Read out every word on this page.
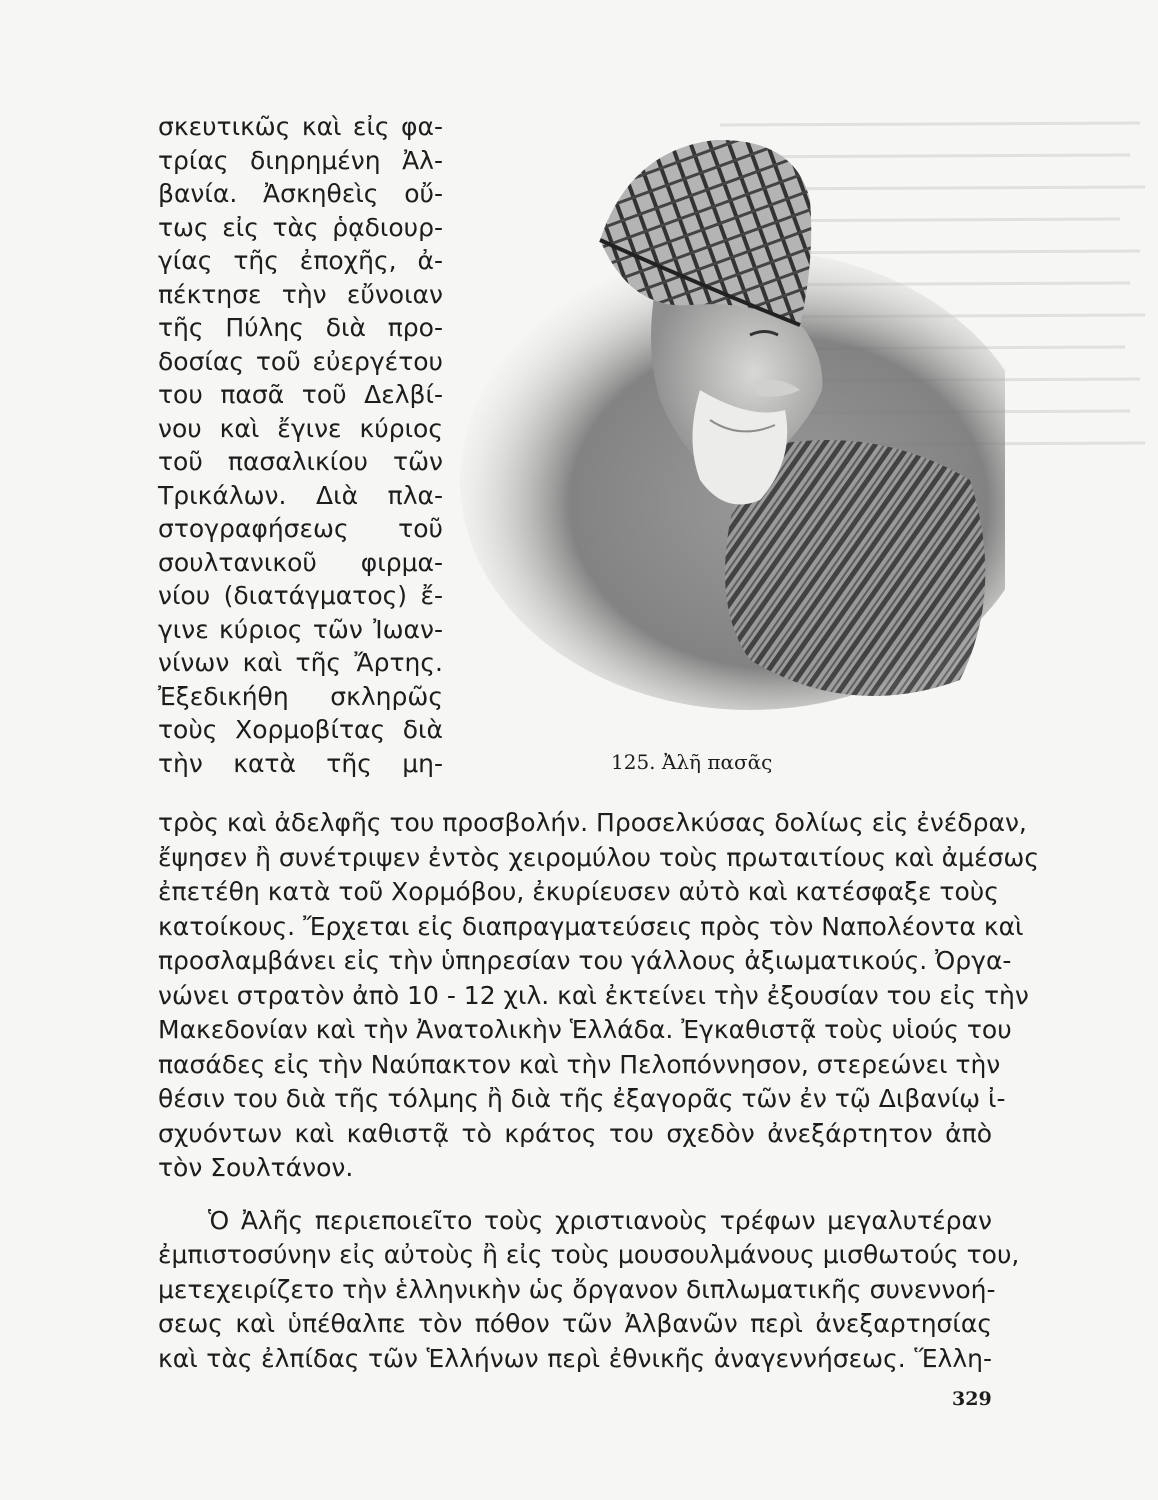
σκευτικῶς καὶ εἰς φα-
τρίας διηρημένη Ἀλ-
βανία. Ἀσκηθεὶς οὔ-
τως εἰς τὰς ῥᾳδιουρ-
γίας τῆς ἐποχῆς, ἀ-
πέκτησε τὴν εὔνοιαν
τῆς Πύλης διὰ προ-
δοσίας τοῦ εὐεργέτου
του πασᾶ τοῦ Δελβί-
νου καὶ ἔγινε κύριος
τοῦ πασαλικίου τῶν
Τρικάλων. Διὰ πλα-
στογραφήσεως τοῦ
σουλτανικοῦ φιρμα-
νίου (διατάγματος) ἔ-
γινε κύριος τῶν Ἰωαν-
νίνων καὶ τῆς Ἄρτης.
Ἐξεδικήθη σκληρῶς
τοὺς Χορμοβίτας διὰ
τὴν κατὰ τῆς μη-	125. Ἀλῆ πασᾶς
τρὸς καὶ ἀδελφῆς του προσβολήν. Προσελκύσας δολίως εἰς ἐνέδραν,
ἔψησεν ἢ συνέτριψεν ἐντὸς χειρομύλου τοὺς πρωταιτίους καὶ ἀμέσως
ἐπετέθη κατὰ τοῦ Χορμόβου, ἐκυρίευσεν αὐτὸ καὶ κατέσφαξε τοὺς
κατοίκους. Ἔρχεται εἰς διαπραγματεύσεις πρὸς τὸν Ναπολέοντα καὶ
προσλαμβάνει εἰς τὴν ὑπηρεσίαν του γάλλους ἀξιωματικούς. Ὀργα-
νώνει στρατὸν ἀπὸ 10 - 12 χιλ. καὶ ἐκτείνει τὴν ἐξουσίαν του εἰς τὴν
Μακεδονίαν καὶ τὴν Ἀνατολικὴν Ἑλλάδα. Ἐγκαθιστᾷ τοὺς υἱούς του
πασάδες εἰς τὴν Ναύπακτον καὶ τὴν Πελοπόννησον, στερεώνει τὴν
θέσιν του διὰ τῆς τόλμης ἢ διὰ τῆς ἐξαγορᾶς τῶν ἐν τῷ Διβανίῳ ἰ-
σχυόντων καὶ καθιστᾷ τὸ κράτος του σχεδὸν ἀνεξάρτητον ἀπὸ
τὸν Σουλτάνον.
Ὁ Ἀλῆς περιεποιεῖτο τοὺς χριστιανοὺς τρέφων μεγαλυτέραν
ἐμπιστοσύνην εἰς αὐτοὺς ἢ εἰς τοὺς μουσουλμάνους μισθωτούς του,
μετεχειρίζετο τὴν ἑλληνικὴν ὡς ὄργανον διπλωματικῆς συνεννοή-
σεως καὶ ὑπέθαλπε τὸν πόθον τῶν Ἀλβανῶν περὶ ἀνεξαρτησίας
καὶ τὰς ἐλπίδας τῶν Ἑλλήνων περὶ ἐθνικῆς ἀναγεννήσεως. Ἕλλη-
329
